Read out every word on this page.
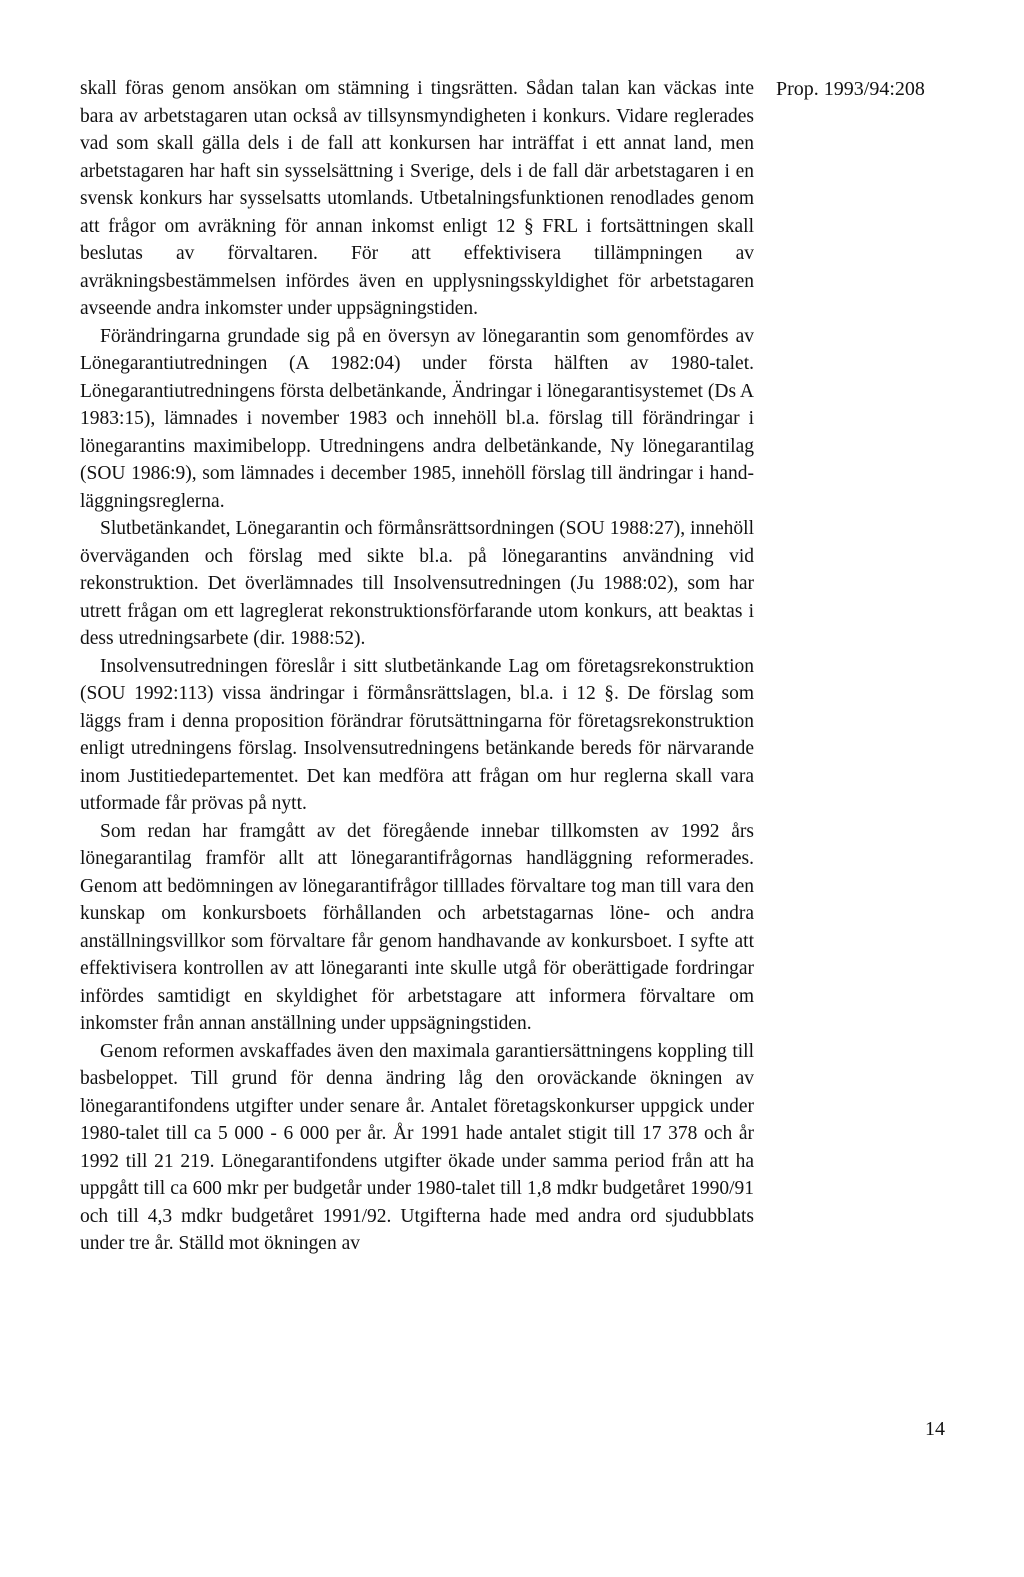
Prop. 1993/94:208

skall föras genom ansökan om stämning i tingsrätten. Sådan talan kan väckas inte bara av arbetstagaren utan också av tillsynsmyndigheten i konkurs. Vidare reglerades vad som skall gälla dels i de fall att konkursen har inträffat i ett annat land, men arbetstagaren har haft sin sysselsättning i Sverige, dels i de fall där arbetstagaren i en svensk konkurs har sysselsatts utomlands. Utbetalningsfunktionen renodlades genom att frågor om avräkning för annan inkomst enligt 12 § FRL i fortsättningen skall beslutas av förvaltaren. För att effektivisera tillämpningen av avräkningsbestämmelsen infördes även en upplysningsskyldighet för arbetstagaren avseende andra inkomster under uppsägningstiden.

Förändringarna grundade sig på en översyn av lönegarantin som genomfördes av Lönegarantiutredningen (A 1982:04) under första hälften av 1980-talet. Lönegarantiutredningens första delbetänkande, Ändringar i lönegarantisystemet (Ds A 1983:15), lämnades i november 1983 och innehöll bl.a. förslag till förändringar i lönegarantins maximibelopp. Utredningens andra delbetänkande, Ny lönegarantilag (SOU 1986:9), som lämnades i december 1985, innehöll förslag till ändringar i handläggningsreglerna.

Slutbetänkandet, Lönegarantin och förmånsrättsordningen (SOU 1988:27), innehöll överväganden och förslag med sikte bl.a. på lönegarantins användning vid rekonstruktion. Det överlämnades till Insolvensutredningen (Ju 1988:02), som har utrett frågan om ett lagreglerat rekonstruktionsförfarande utom konkurs, att beaktas i dess utredningsarbete (dir. 1988:52).

Insolvensutredningen föreslår i sitt slutbetänkande Lag om företagsrekonstruktion (SOU 1992:113) vissa ändringar i förmånsrättslagen, bl.a. i 12 §. De förslag som läggs fram i denna proposition förändrar förutsättningarna för företagsrekonstruktion enligt utredningens förslag. Insolvensutredningens betänkande bereds för närvarande inom Justitiedepartementet. Det kan medföra att frågan om hur reglerna skall vara utformade får prövas på nytt.

Som redan har framgått av det föregående innebar tillkomsten av 1992 års lönegarantilag framför allt att lönegarantifrågornas handläggning reformerades. Genom att bedömningen av lönegarantifrågor tilllades förvaltare tog man till vara den kunskap om konkursboets förhållanden och arbetstagarnas löne- och andra anställningsvillkor som förvaltare får genom handhavande av konkursboet. I syfte att effektivisera kontrollen av att lönegaranti inte skulle utgå för oberättigade fordringar infördes samtidigt en skyldighet för arbetstagare att informera förvaltare om inkomster från annan anställning under uppsägningstiden.

Genom reformen avskaffades även den maximala garantiersättningens koppling till basbeloppet. Till grund för denna ändring låg den oroväckande ökningen av lönegarantifondens utgifter under senare år. Antalet företagskonkurser uppgick under 1980-talet till ca 5 000 - 6 000 per år. År 1991 hade antalet stigit till 17 378 och år 1992 till 21 219. Lönegarantifondens utgifter ökade under samma period från att ha uppgått till ca 600 mkr per budgetår under 1980-talet till 1,8 mdkr budgetåret 1990/91 och till 4,3 mdkr budgetåret 1991/92. Utgifterna hade med andra ord sjudubblats under tre år. Ställd mot ökningen av

14
